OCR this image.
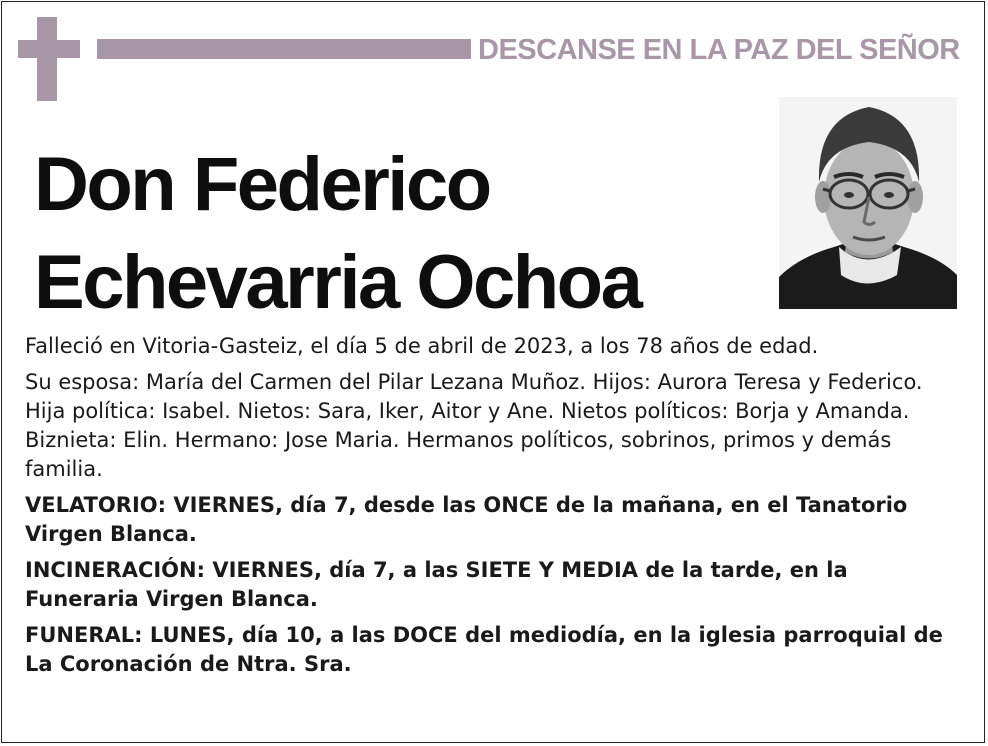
DESCANSE EN LA PAZ DEL SEÑOR
Don Federico
Echevarria Ochoa

Falleció en Vitoria-Gasteiz, el día 5 de abril de 2023, a los 78 años de edad.

Su esposa: María del Carmen del Pilar Lezana Muñoz. Hijos: Aurora Teresa y Federico. Hija política: Isabel. Nietos: Sara, Iker, Aitor y Ane. Nietos políticos: Borja y Amanda. Biznieta: Elin. Hermano: Jose Maria. Hermanos políticos, sobrinos, primos y demás familia.

VELATORIO: VIERNES, día 7, desde las ONCE de la mañana, en el Tanatorio Virgen Blanca.

INCINERACIÓN: VIERNES, día 7, a las SIETE Y MEDIA de la tarde, en la Funeraria Virgen Blanca.

FUNERAL: LUNES, día 10, a las DOCE del mediodía, en la iglesia parroquial de La Coronación de Ntra. Sra.
